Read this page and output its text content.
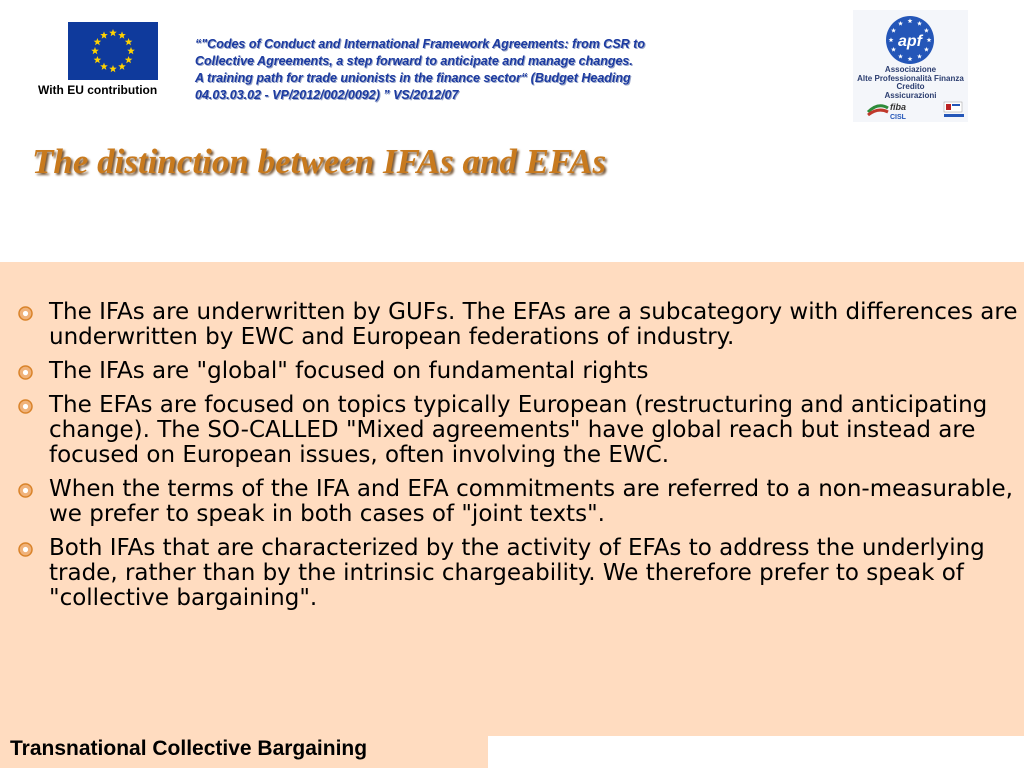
With EU contribution
“"Codes of Conduct and International Framework Agreements: from CSR to
Collective Agreements, a step forward to anticipate and manage changes.
A training path for trade unionists in the finance sector“ (Budget Heading
04.03.03.02 - VP/2012/002/0092) ” VS/2012/07
apf
Associazione
Alte Professionalità Finanza
Credito
Assicurazioni
fiba
CISL
The distinction between IFAs and EFAs
The IFAs are underwritten by GUFs. The EFAs are a subcategory with differences are underwritten by EWC and European federations of industry.
The IFAs are "global" focused on fundamental rights
The EFAs are focused on topics typically European (restructuring and anticipating change). The SO-CALLED "Mixed agreements" have global reach but instead are focused on European issues, often involving the EWC.
When the terms of the IFA and EFA commitments are referred to a non-measurable, we prefer to speak in both cases of "joint texts".
Both IFAs that are characterized by the activity of EFAs to address the underlying trade, rather than by the intrinsic chargeability. We therefore prefer to speak of "collective bargaining".
Transnational Collective Bargaining
